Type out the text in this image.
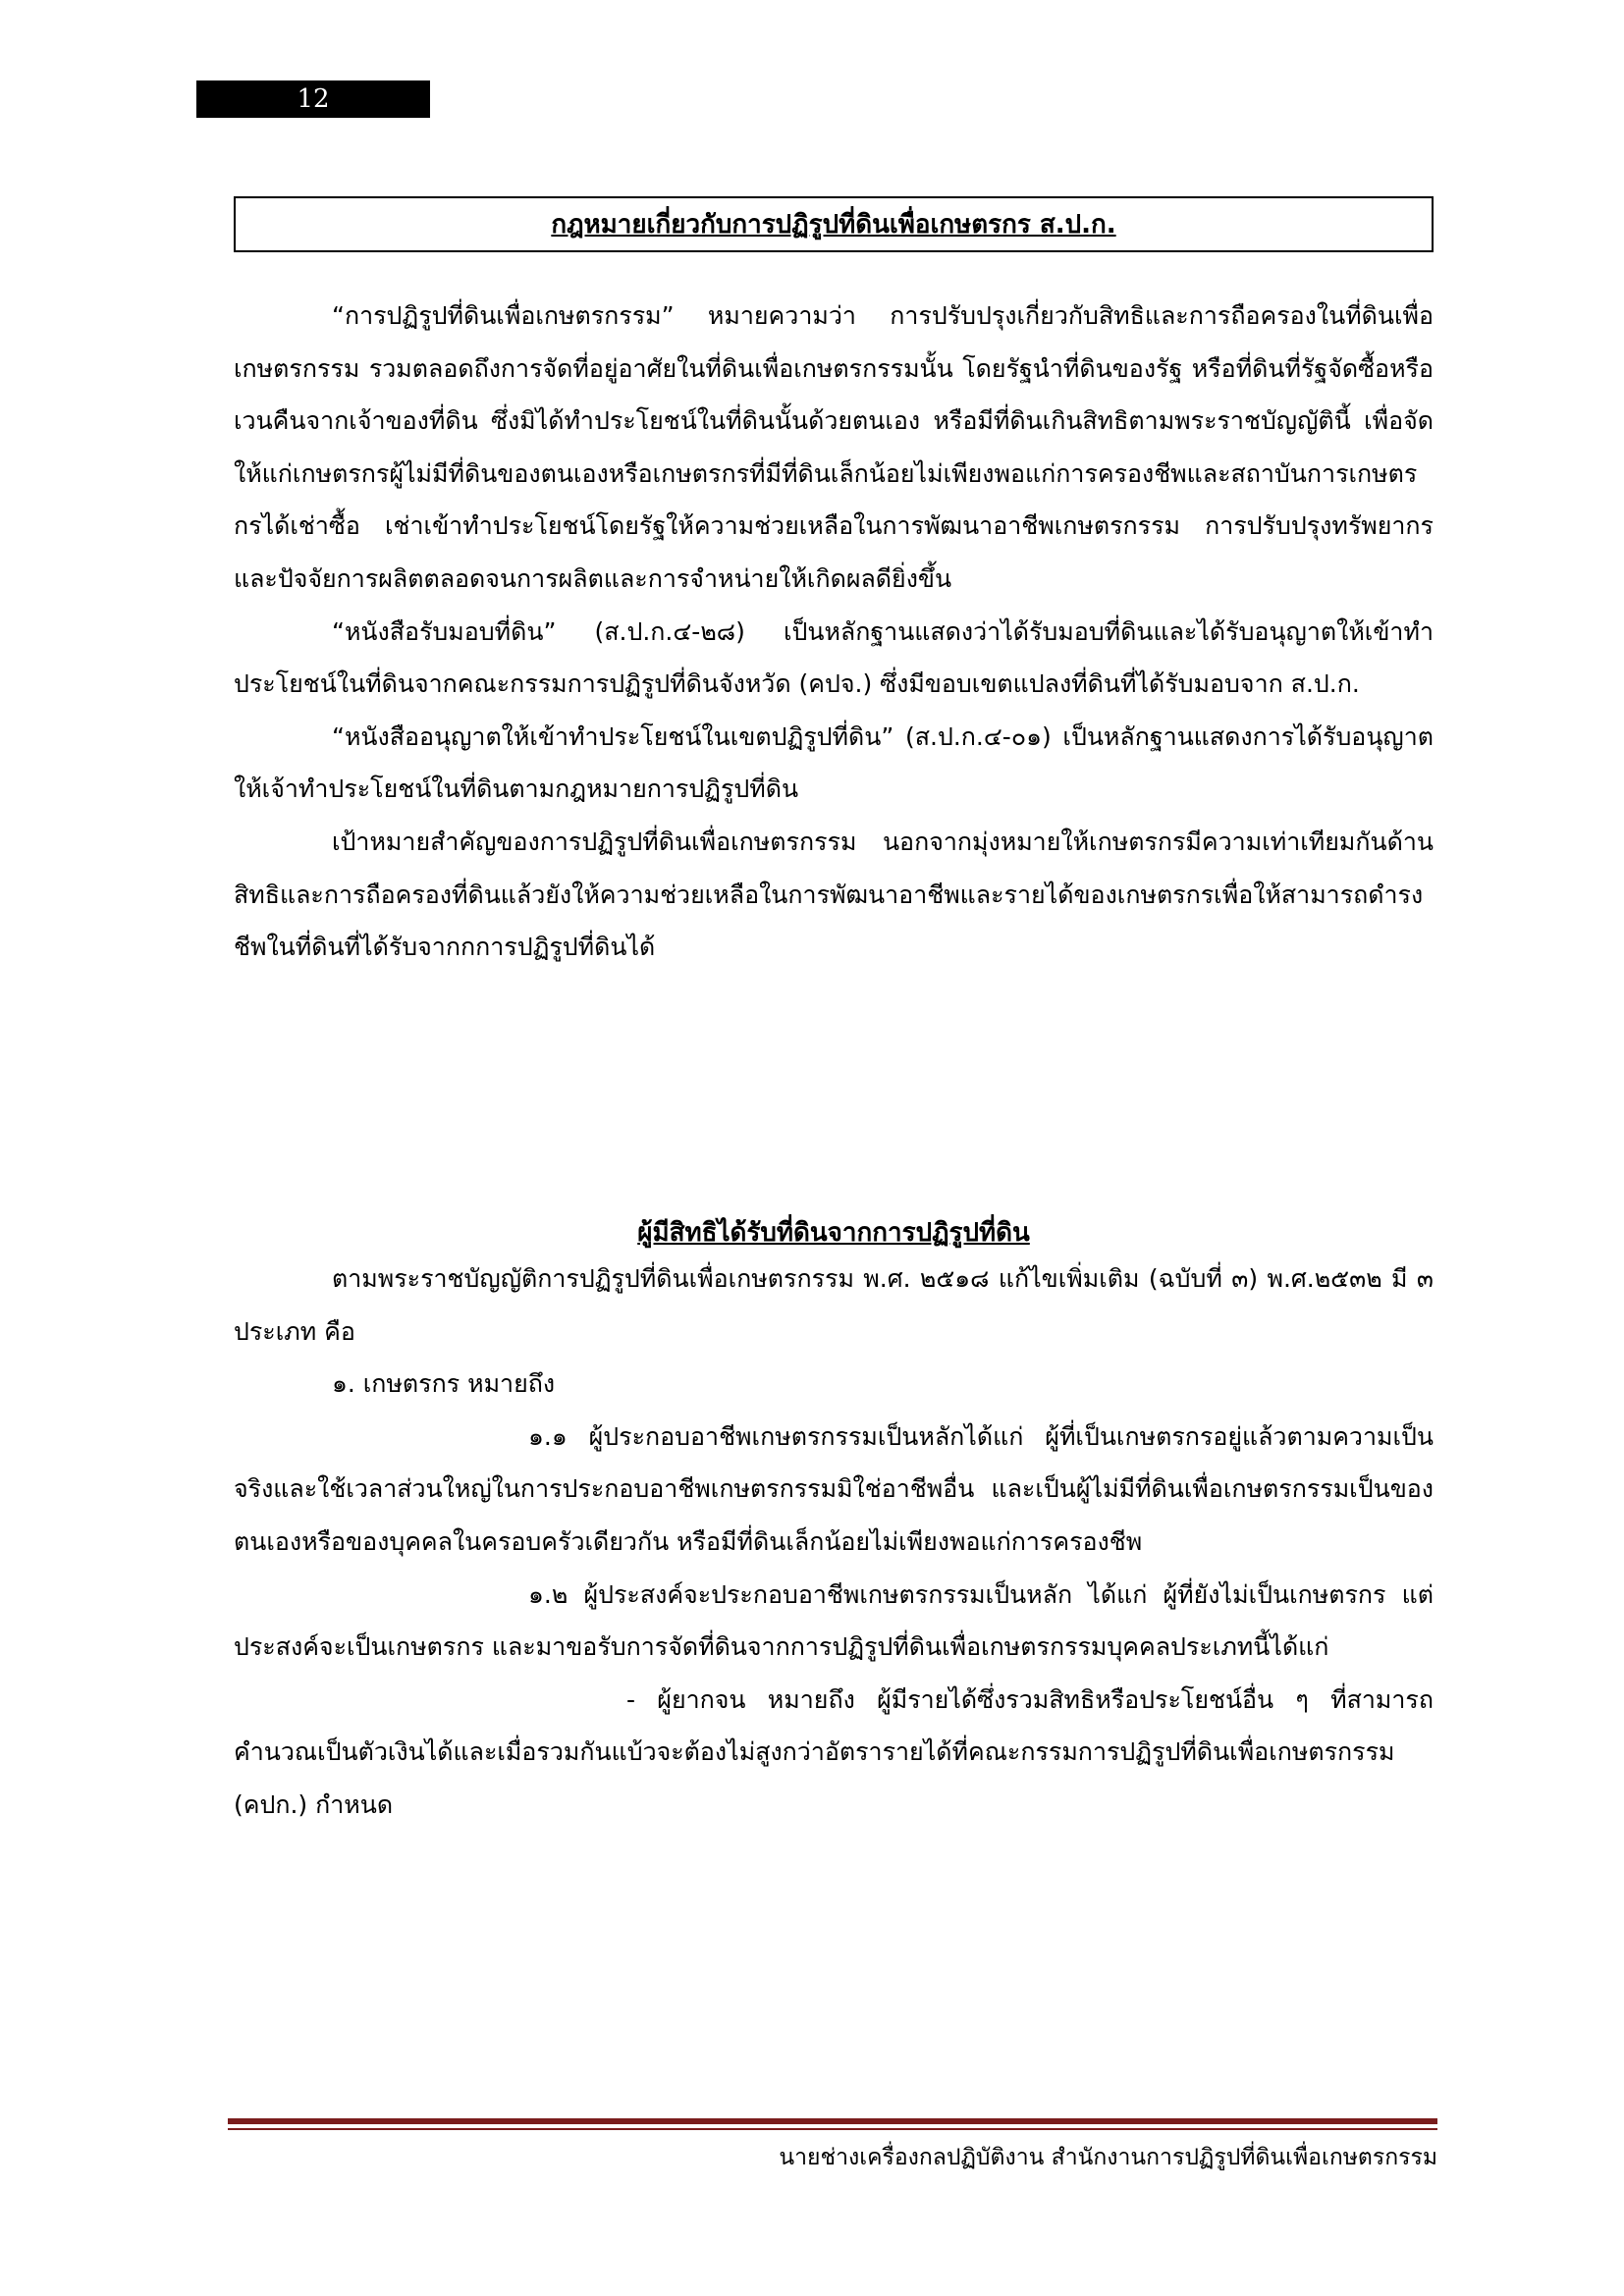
12
กฎหมายเกี่ยวกับการปฏิรูปที่ดินเพื่อเกษตรกร ส.ป.ก.

“การปฏิรูปที่ดินเพื่อเกษตรกรรม” หมายความว่า การปรับปรุงเกี่ยวกับสิทธิและการถือครองในที่ดินเพื่อเกษตรกรรม รวมตลอดถึงการจัดที่อยู่อาศัยในที่ดินเพื่อเกษตรกรรมนั้น โดยรัฐนำที่ดินของรัฐ หรือที่ดินที่รัฐจัดซื้อหรือเวนคืนจากเจ้าของที่ดิน ซึ่งมิได้ทำประโยชน์ในที่ดินนั้นด้วยตนเอง หรือมีที่ดินเกินสิทธิตามพระราชบัญญัตินี้ เพื่อจัดให้แก่เกษตรกรผู้ไม่มีที่ดินของตนเองหรือเกษตรกรที่มีที่ดินเล็กน้อยไม่เพียงพอแก่การครองชีพและสถาบันการเกษตรกรได้เช่าซื้อ เช่าเข้าทำประโยชน์โดยรัฐให้ความช่วยเหลือในการพัฒนาอาชีพเกษตรกรรม การปรับปรุงทรัพยากรและปัจจัยการผลิตตลอดจนการผลิตและการจำหน่ายให้เกิดผลดียิ่งขึ้น

“หนังสือรับมอบที่ดิน” (ส.ป.ก.๔-๒๘) เป็นหลักฐานแสดงว่าได้รับมอบที่ดินและได้รับอนุญาตให้เข้าทำประโยชน์ในที่ดินจากคณะกรรมการปฏิรูปที่ดินจังหวัด (คปจ.) ซึ่งมีขอบเขตแปลงที่ดินที่ได้รับมอบจาก ส.ป.ก.

“หนังสืออนุญาตให้เข้าทำประโยชน์ในเขตปฏิรูปที่ดิน” (ส.ป.ก.๔-๐๑) เป็นหลักฐานแสดงการได้รับอนุญาตให้เจ้าทำประโยชน์ในที่ดินตามกฎหมายการปฏิรูปที่ดิน

เป้าหมายสำคัญของการปฏิรูปที่ดินเพื่อเกษตรกรรม นอกจากมุ่งหมายให้เกษตรกรมีความเท่าเทียมกันด้านสิทธิและการถือครองที่ดินแล้วยังให้ความช่วยเหลือในการพัฒนาอาชีพและรายได้ของเกษตรกรเพื่อให้สามารถดำรงชีพในที่ดินที่ได้รับจากกการปฏิรูปที่ดินได้

ผู้มีสิทธิได้รับที่ดินจากการปฏิรูปที่ดิน

ตามพระราชบัญญัติการปฏิรูปที่ดินเพื่อเกษตรกรรม พ.ศ. ๒๕๑๘ แก้ไขเพิ่มเติม (ฉบับที่ ๓) พ.ศ.๒๕๓๒ มี ๓ ประเภท คือ

๑. เกษตรกร หมายถึง

๑.๑ ผู้ประกอบอาชีพเกษตรกรรมเป็นหลักได้แก่ ผู้ที่เป็นเกษตรกรอยู่แล้วตามความเป็นจริงและใช้เวลาส่วนใหญ่ในการประกอบอาชีพเกษตรกรรมมิใช่อาชีพอื่น และเป็นผู้ไม่มีที่ดินเพื่อเกษตรกรรมเป็นของตนเองหรือของบุคคลในครอบครัวเดียวกัน หรือมีที่ดินเล็กน้อยไม่เพียงพอแก่การครองชีพ

๑.๒ ผู้ประสงค์จะประกอบอาชีพเกษตรกรรมเป็นหลัก ได้แก่ ผู้ที่ยังไม่เป็นเกษตรกร แต่ประสงค์จะเป็นเกษตรกร และมาขอรับการจัดที่ดินจากการปฏิรูปที่ดินเพื่อเกษตรกรรมบุคคลประเภทนี้ได้แก่

- ผู้ยากจน หมายถึง ผู้มีรายได้ซึ่งรวมสิทธิหรือประโยชน์อื่น ๆ ที่สามารถคำนวณเป็นตัวเงินได้และเมื่อรวมกันแบ้วจะต้องไม่สูงกว่าอัตรารายได้ที่คณะกรรมการปฏิรูปที่ดินเพื่อเกษตรกรรม (คปก.) กำหนด

นายช่างเครื่องกลปฏิบัติงาน สำนักงานการปฏิรูปที่ดินเพื่อเกษตรกรรม
